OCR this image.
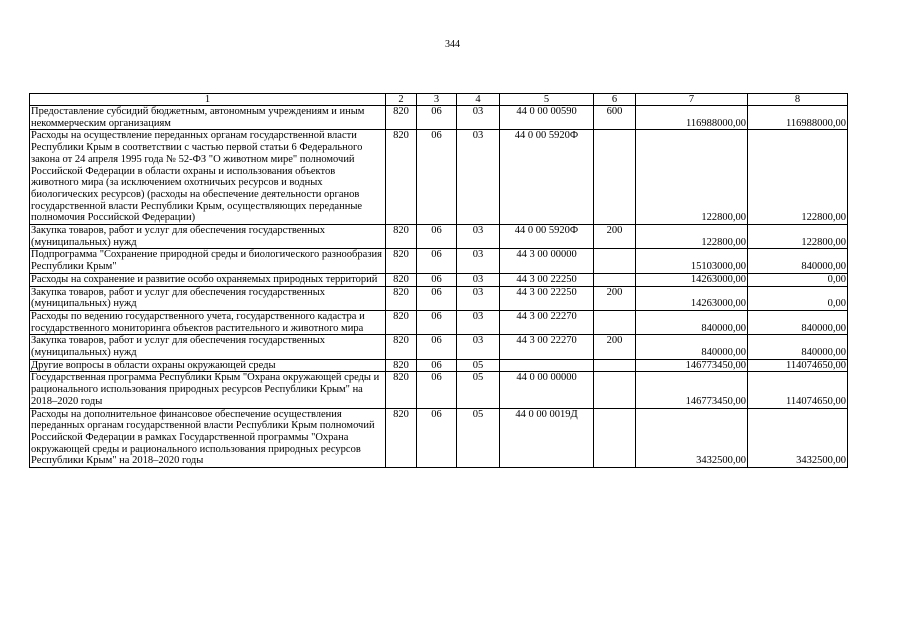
344
1	2	3	4	5	6	7	8
Предоставление субсидий бюджетным, автономным учреждениям и иным некоммерческим организациям	820	06	03	44 0 00 00590	600	116988000,00	116988000,00
Расходы на осуществление переданных органам государственной власти Республики Крым в соответствии с частью первой статьи 6 Федерального закона от 24 апреля 1995 года № 52-ФЗ "О животном мире" полномочий Российской Федерации в области охраны и использования объектов животного мира (за исключением охотничьих ресурсов и водных биологических ресурсов) (расходы на обеспечение деятельности органов государственной власти Республики Крым, осуществляющих переданные полномочия Российской Федерации)	820	06	03	44 0 00 5920Ф		122800,00	122800,00
Закупка товаров, работ и услуг для обеспечения государственных (муниципальных) нужд	820	06	03	44 0 00 5920Ф	200	122800,00	122800,00
Подпрограмма "Сохранение природной среды и биологического разнообразия Республики Крым"	820	06	03	44 3 00 00000		15103000,00	840000,00
Расходы на сохранение и развитие особо охраняемых природных территорий	820	06	03	44 3 00 22250		14263000,00	0,00
Закупка товаров, работ и услуг для обеспечения государственных (муниципальных) нужд	820	06	03	44 3 00 22250	200	14263000,00	0,00
Расходы по ведению государственного учета, государственного кадастра и государственного мониторинга объектов растительного и животного мира	820	06	03	44 3 00 22270		840000,00	840000,00
Закупка товаров, работ и услуг для обеспечения государственных (муниципальных) нужд	820	06	03	44 3 00 22270	200	840000,00	840000,00
Другие вопросы в области охраны окружающей среды	820	06	05			146773450,00	114074650,00
Государственная программа Республики Крым "Охрана окружающей среды и рационального использования природных ресурсов Республики Крым" на 2018–2020 годы	820	06	05	44 0 00 00000		146773450,00	114074650,00
Расходы на дополнительное финансовое обеспечение осуществления переданных органам государственной власти Республики Крым полномочий Российской Федерации в рамках Государственной программы "Охрана окружающей среды и рационального использования природных ресурсов Республики Крым" на 2018–2020 годы	820	06	05	44 0 00 0019Д		3432500,00	3432500,00
